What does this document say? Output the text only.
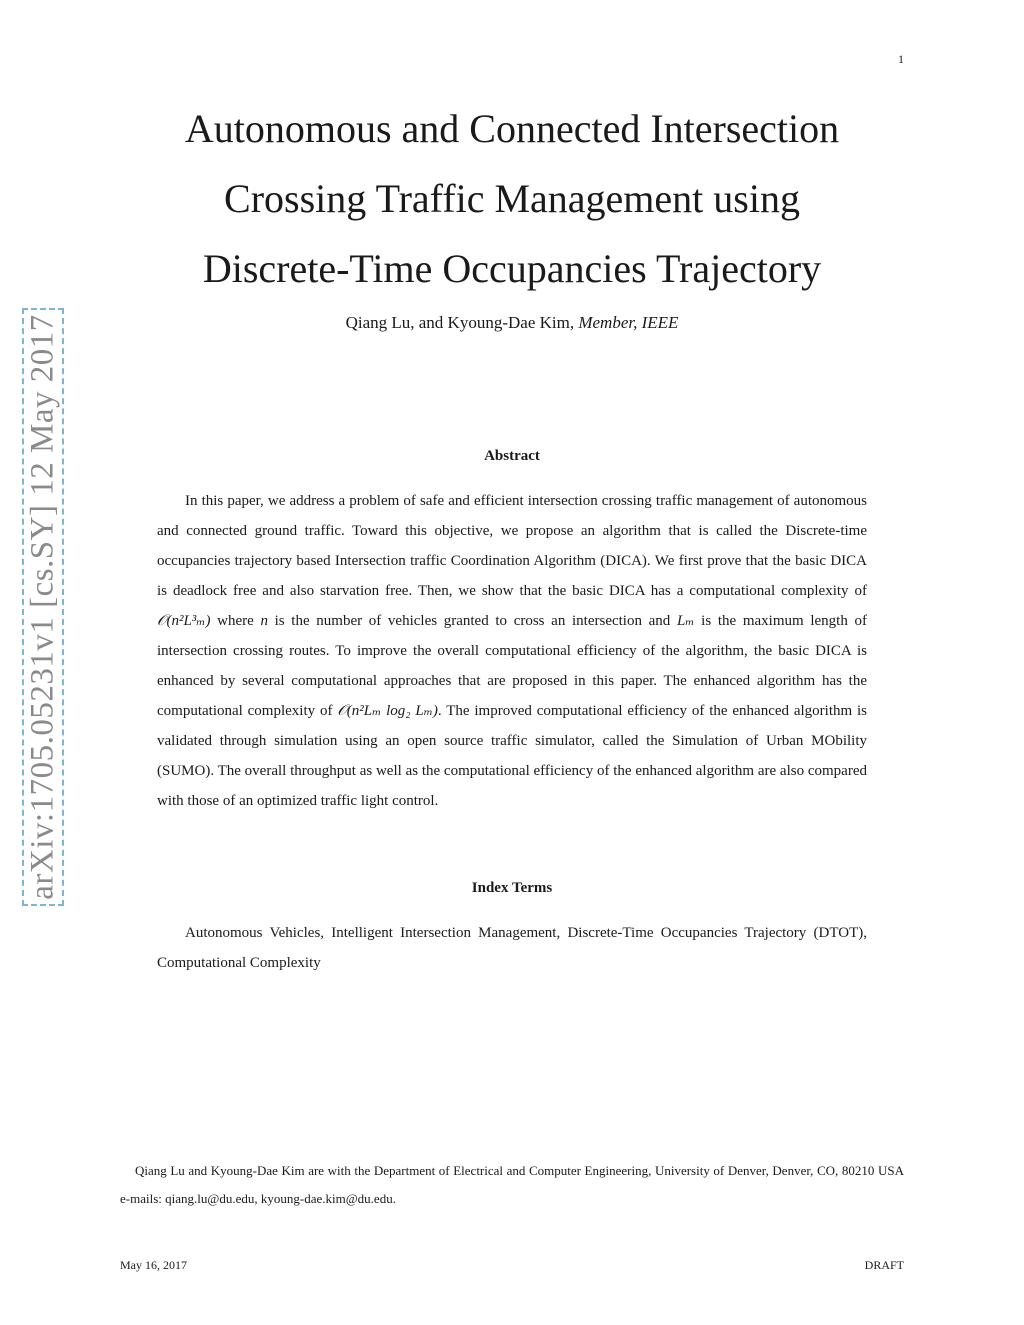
1
arXiv:1705.05231v1 [cs.SY] 12 May 2017
Autonomous and Connected Intersection
Crossing Traffic Management using
Discrete-Time Occupancies Trajectory
Qiang Lu, and Kyoung-Dae Kim, Member, IEEE
Abstract

In this paper, we address a problem of safe and efficient intersection crossing traffic management of autonomous and connected ground traffic. Toward this objective, we propose an algorithm that is called the Discrete-time occupancies trajectory based Intersection traffic Coordination Algorithm (DICA). We first prove that the basic DICA is deadlock free and also starvation free. Then, we show that the basic DICA has a computational complexity of 𝒪(n²L³ₘ) where n is the number of vehicles granted to cross an intersection and Lₘ is the maximum length of intersection crossing routes. To improve the overall computational efficiency of the algorithm, the basic DICA is enhanced by several computational approaches that are proposed in this paper. The enhanced algorithm has the computational complexity of 𝒪(n²Lₘ log₂ Lₘ). The improved computational efficiency of the enhanced algorithm is validated through simulation using an open source traffic simulator, called the Simulation of Urban MObility (SUMO). The overall throughput as well as the computational efficiency of the enhanced algorithm are also compared with those of an optimized traffic light control.

Index Terms

Autonomous Vehicles, Intelligent Intersection Management, Discrete-Time Occupancies Trajectory (DTOT), Computational Complexity

Qiang Lu and Kyoung-Dae Kim are with the Department of Electrical and Computer Engineering, University of Denver, Denver, CO, 80210 USA e-mails: qiang.lu@du.edu, kyoung-dae.kim@du.edu.

May 16, 2017	DRAFT
